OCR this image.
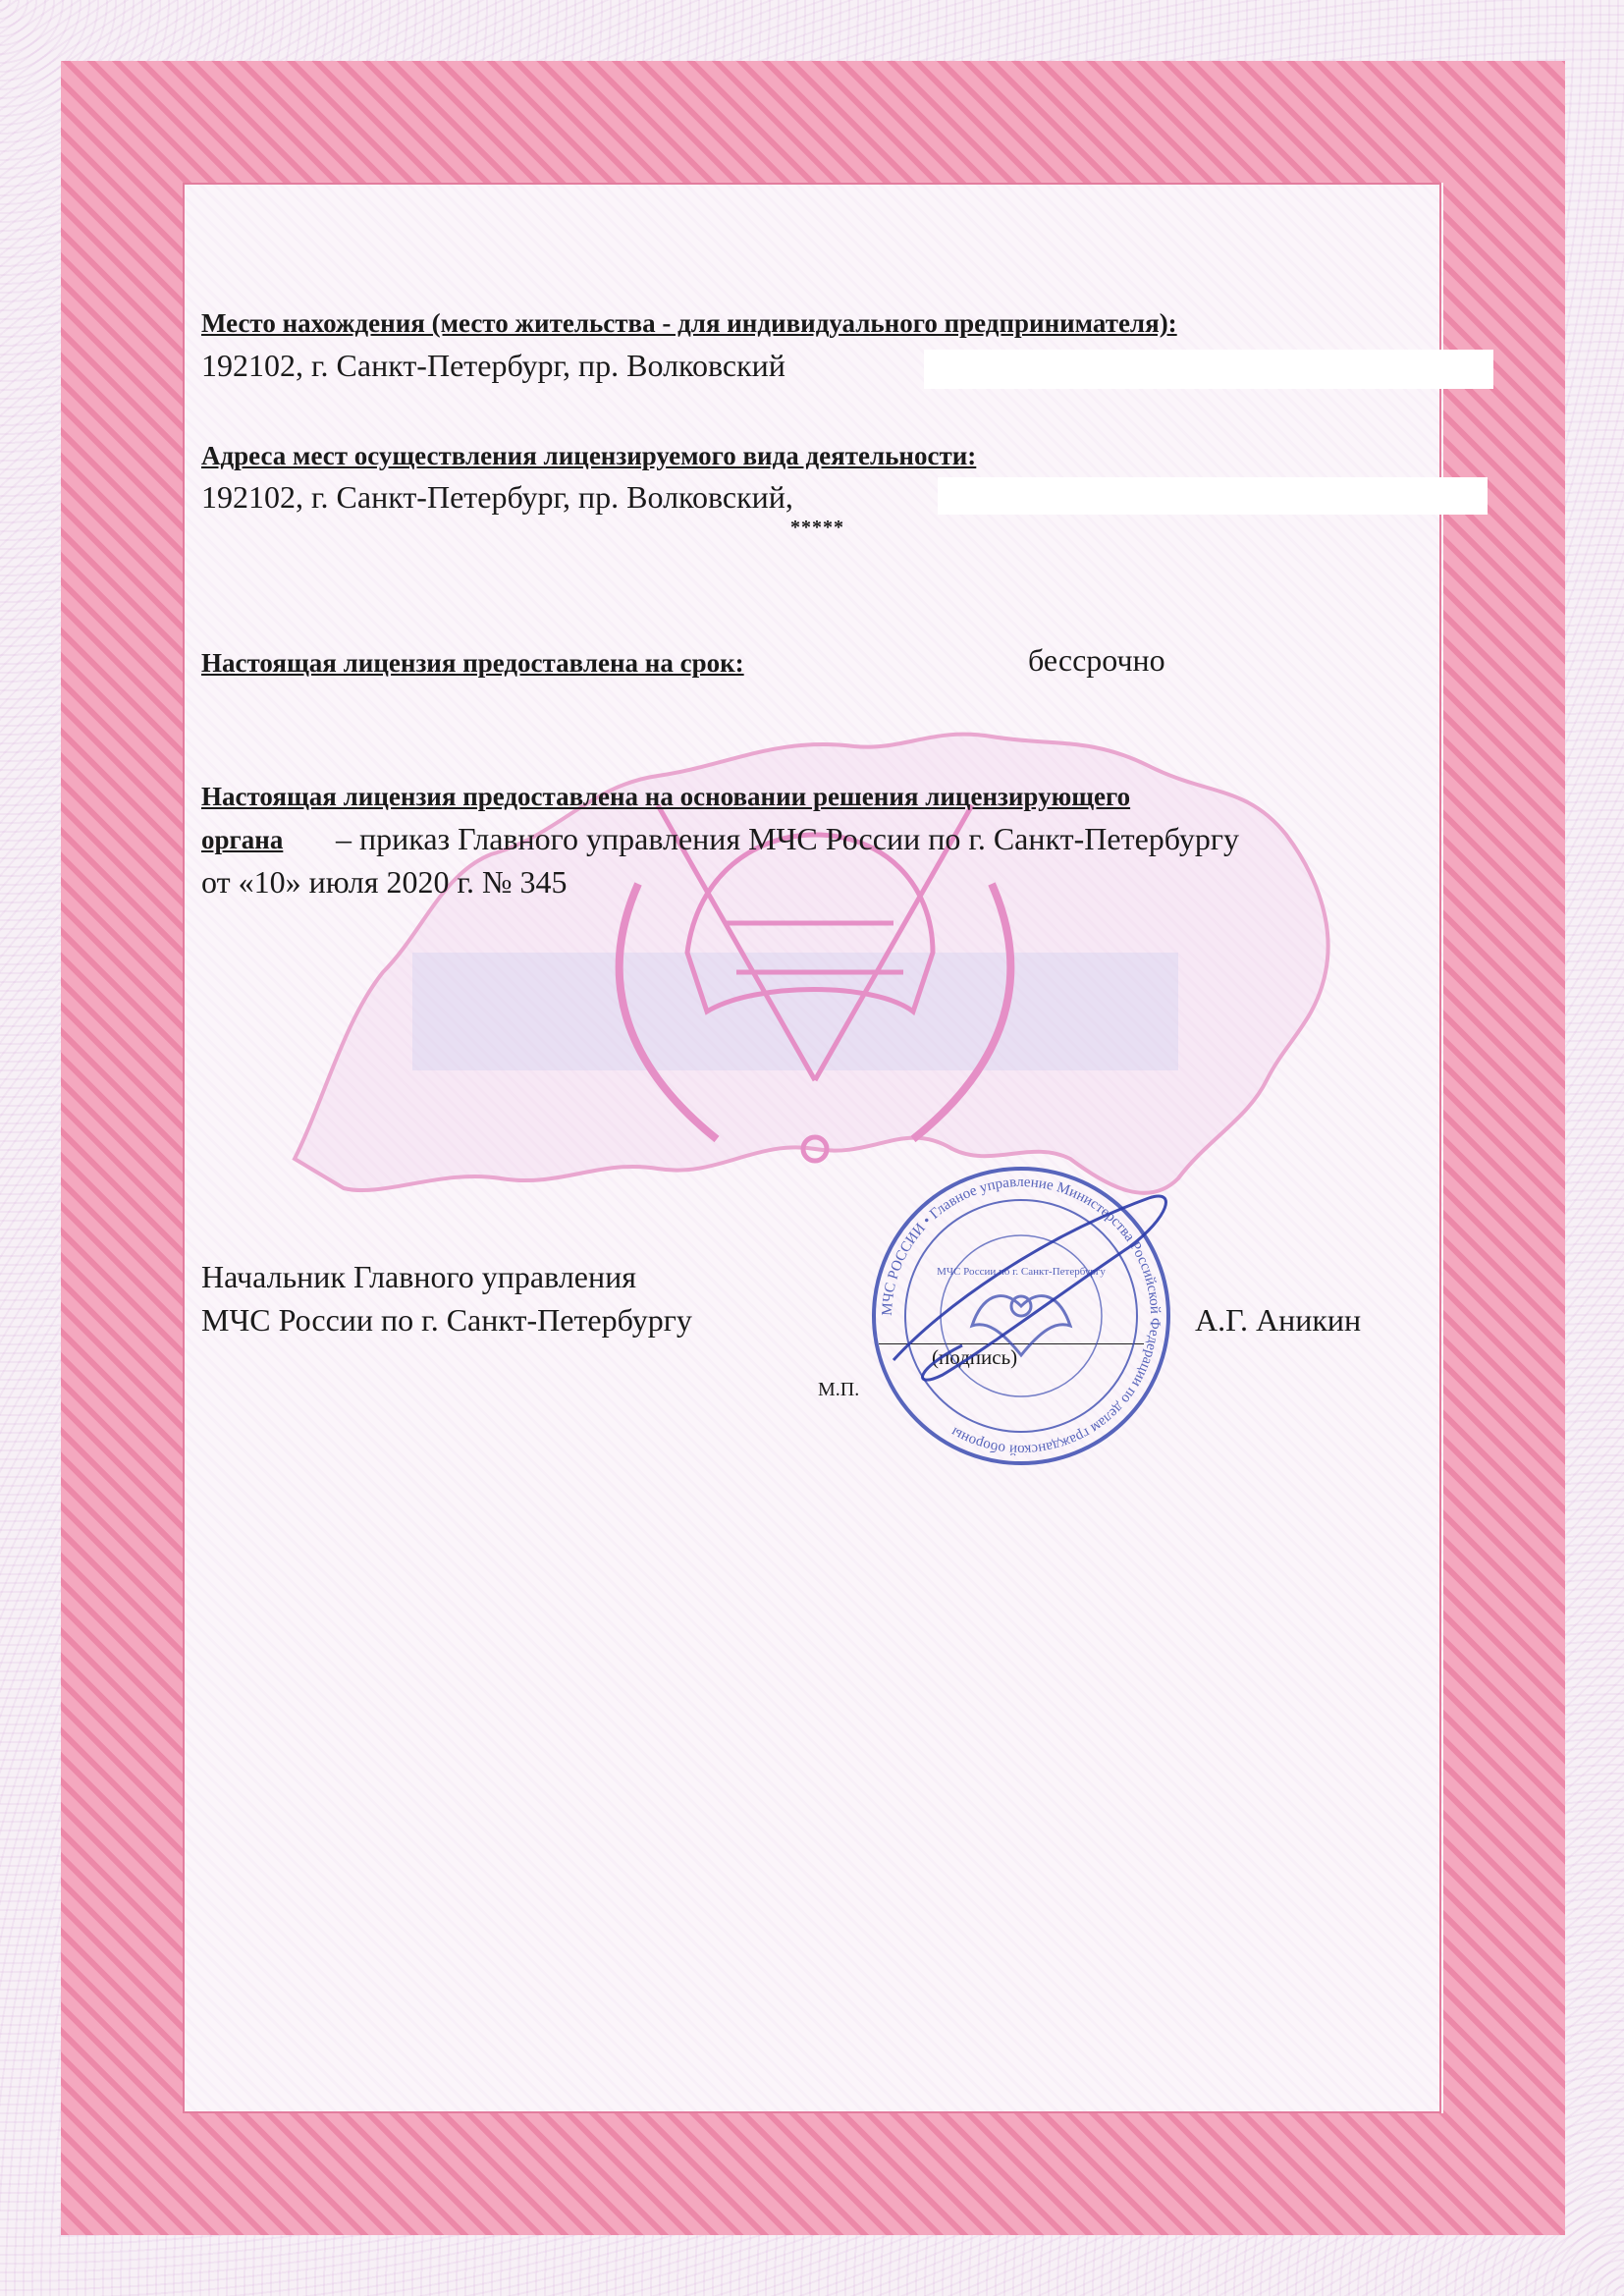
Место нахождения (место жительства - для индивидуального предпринимателя):
192102, г. Санкт-Петербург, пр. Волковский
Адреса мест осуществления лицензируемого вида деятельности:
192102, г. Санкт-Петербург, пр. Волковский,
*****
Настоящая лицензия предоставлена на срок:	бессрочно
Настоящая лицензия предоставлена на основании решения лицензирующего
органа – приказ Главного управления МЧС России по г. Санкт-Петербургу
от «10» июля 2020 г. № 345
Начальник Главного управления
МЧС России по г. Санкт-Петербургу
(подпись)
М.П.
А.Г. Аникин
МЧС РОССИИ • Главное управление Министерства Российской Федерации по делам гражданской обороны
МЧС России по г. Санкт-Петербургу
